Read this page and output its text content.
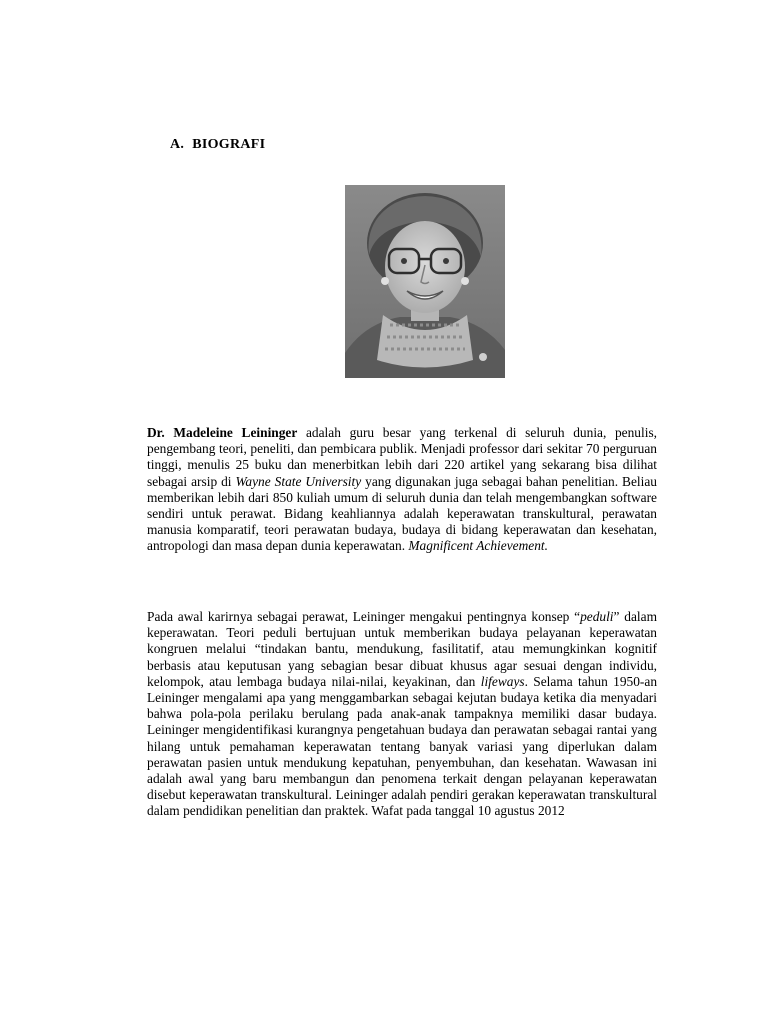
A. BIOGRAFI
Dr. Madeleine Leininger adalah guru besar yang terkenal di seluruh dunia, penulis, pengembang teori, peneliti, dan pembicara publik. Menjadi professor dari sekitar 70 perguruan tinggi, menulis 25 buku dan menerbitkan lebih dari 220 artikel yang sekarang bisa dilihat sebagai arsip di Wayne State University yang digunakan juga sebagai bahan penelitian. Beliau memberikan lebih dari 850 kuliah umum di seluruh dunia dan telah mengembangkan software sendiri untuk perawat. Bidang keahliannya adalah keperawatan transkultural, perawatan manusia komparatif, teori perawatan budaya, budaya di bidang keperawatan dan kesehatan, antropologi dan masa depan dunia keperawatan. Magnificent Achievement.
Pada awal karirnya sebagai perawat, Leininger mengakui pentingnya konsep “peduli” dalam keperawatan. Teori peduli bertujuan untuk memberikan budaya pelayanan keperawatan kongruen melalui “tindakan bantu, mendukung, fasilitatif, atau memungkinkan kognitif berbasis atau keputusan yang sebagian besar dibuat khusus agar sesuai dengan individu, kelompok, atau lembaga budaya nilai-nilai, keyakinan, dan lifeways. Selama tahun 1950-an Leininger mengalami apa yang menggambarkan sebagai kejutan budaya ketika dia menyadari bahwa pola-pola perilaku berulang pada anak-anak tampaknya memiliki dasar budaya. Leininger mengidentifikasi kurangnya pengetahuan budaya dan perawatan sebagai rantai yang hilang untuk pemahaman keperawatan tentang banyak variasi yang diperlukan dalam perawatan pasien untuk mendukung kepatuhan, penyembuhan, dan kesehatan. Wawasan ini adalah awal yang baru membangun dan penomena terkait dengan pelayanan keperawatan disebut keperawatan transkultural. Leininger adalah pendiri gerakan keperawatan transkultural dalam pendidikan penelitian dan praktek. Wafat pada tanggal 10 agustus 2012
